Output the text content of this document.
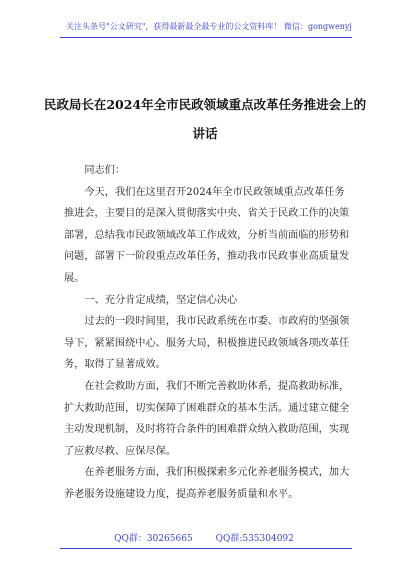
关注头条号"公文研究"，获得最新最全最专业的公文资料库！ 微信：gongwenyj
民政局长在2024年全市民政领域重点改革任务推进会上的
讲话

同志们：

今天，我们在这里召开2024年全市民政领域重点改革任务推进会，主要目的是深入贯彻落实中央、省关于民政工作的决策部署，总结我市民政领域改革工作成效，分析当前面临的形势和问题，部署下一阶段重点改革任务，推动我市民政事业高质量发展。

一、充分肯定成绩，坚定信心决心

过去的一段时间里，我市民政系统在市委、市政府的坚强领导下，紧紧围绕中心、服务大局，积极推进民政领域各项改革任务，取得了显著成效。

在社会救助方面，我们不断完善救助体系，提高救助标准，扩大救助范围，切实保障了困难群众的基本生活。通过建立健全主动发现机制，及时将符合条件的困难群众纳入救助范围，实现了应救尽救、应保尽保。

在养老服务方面，我们积极探索多元化养老服务模式，加大养老服务设施建设力度，提高养老服务质量和水平。

QQ群：30265665	QQ群:535304092
